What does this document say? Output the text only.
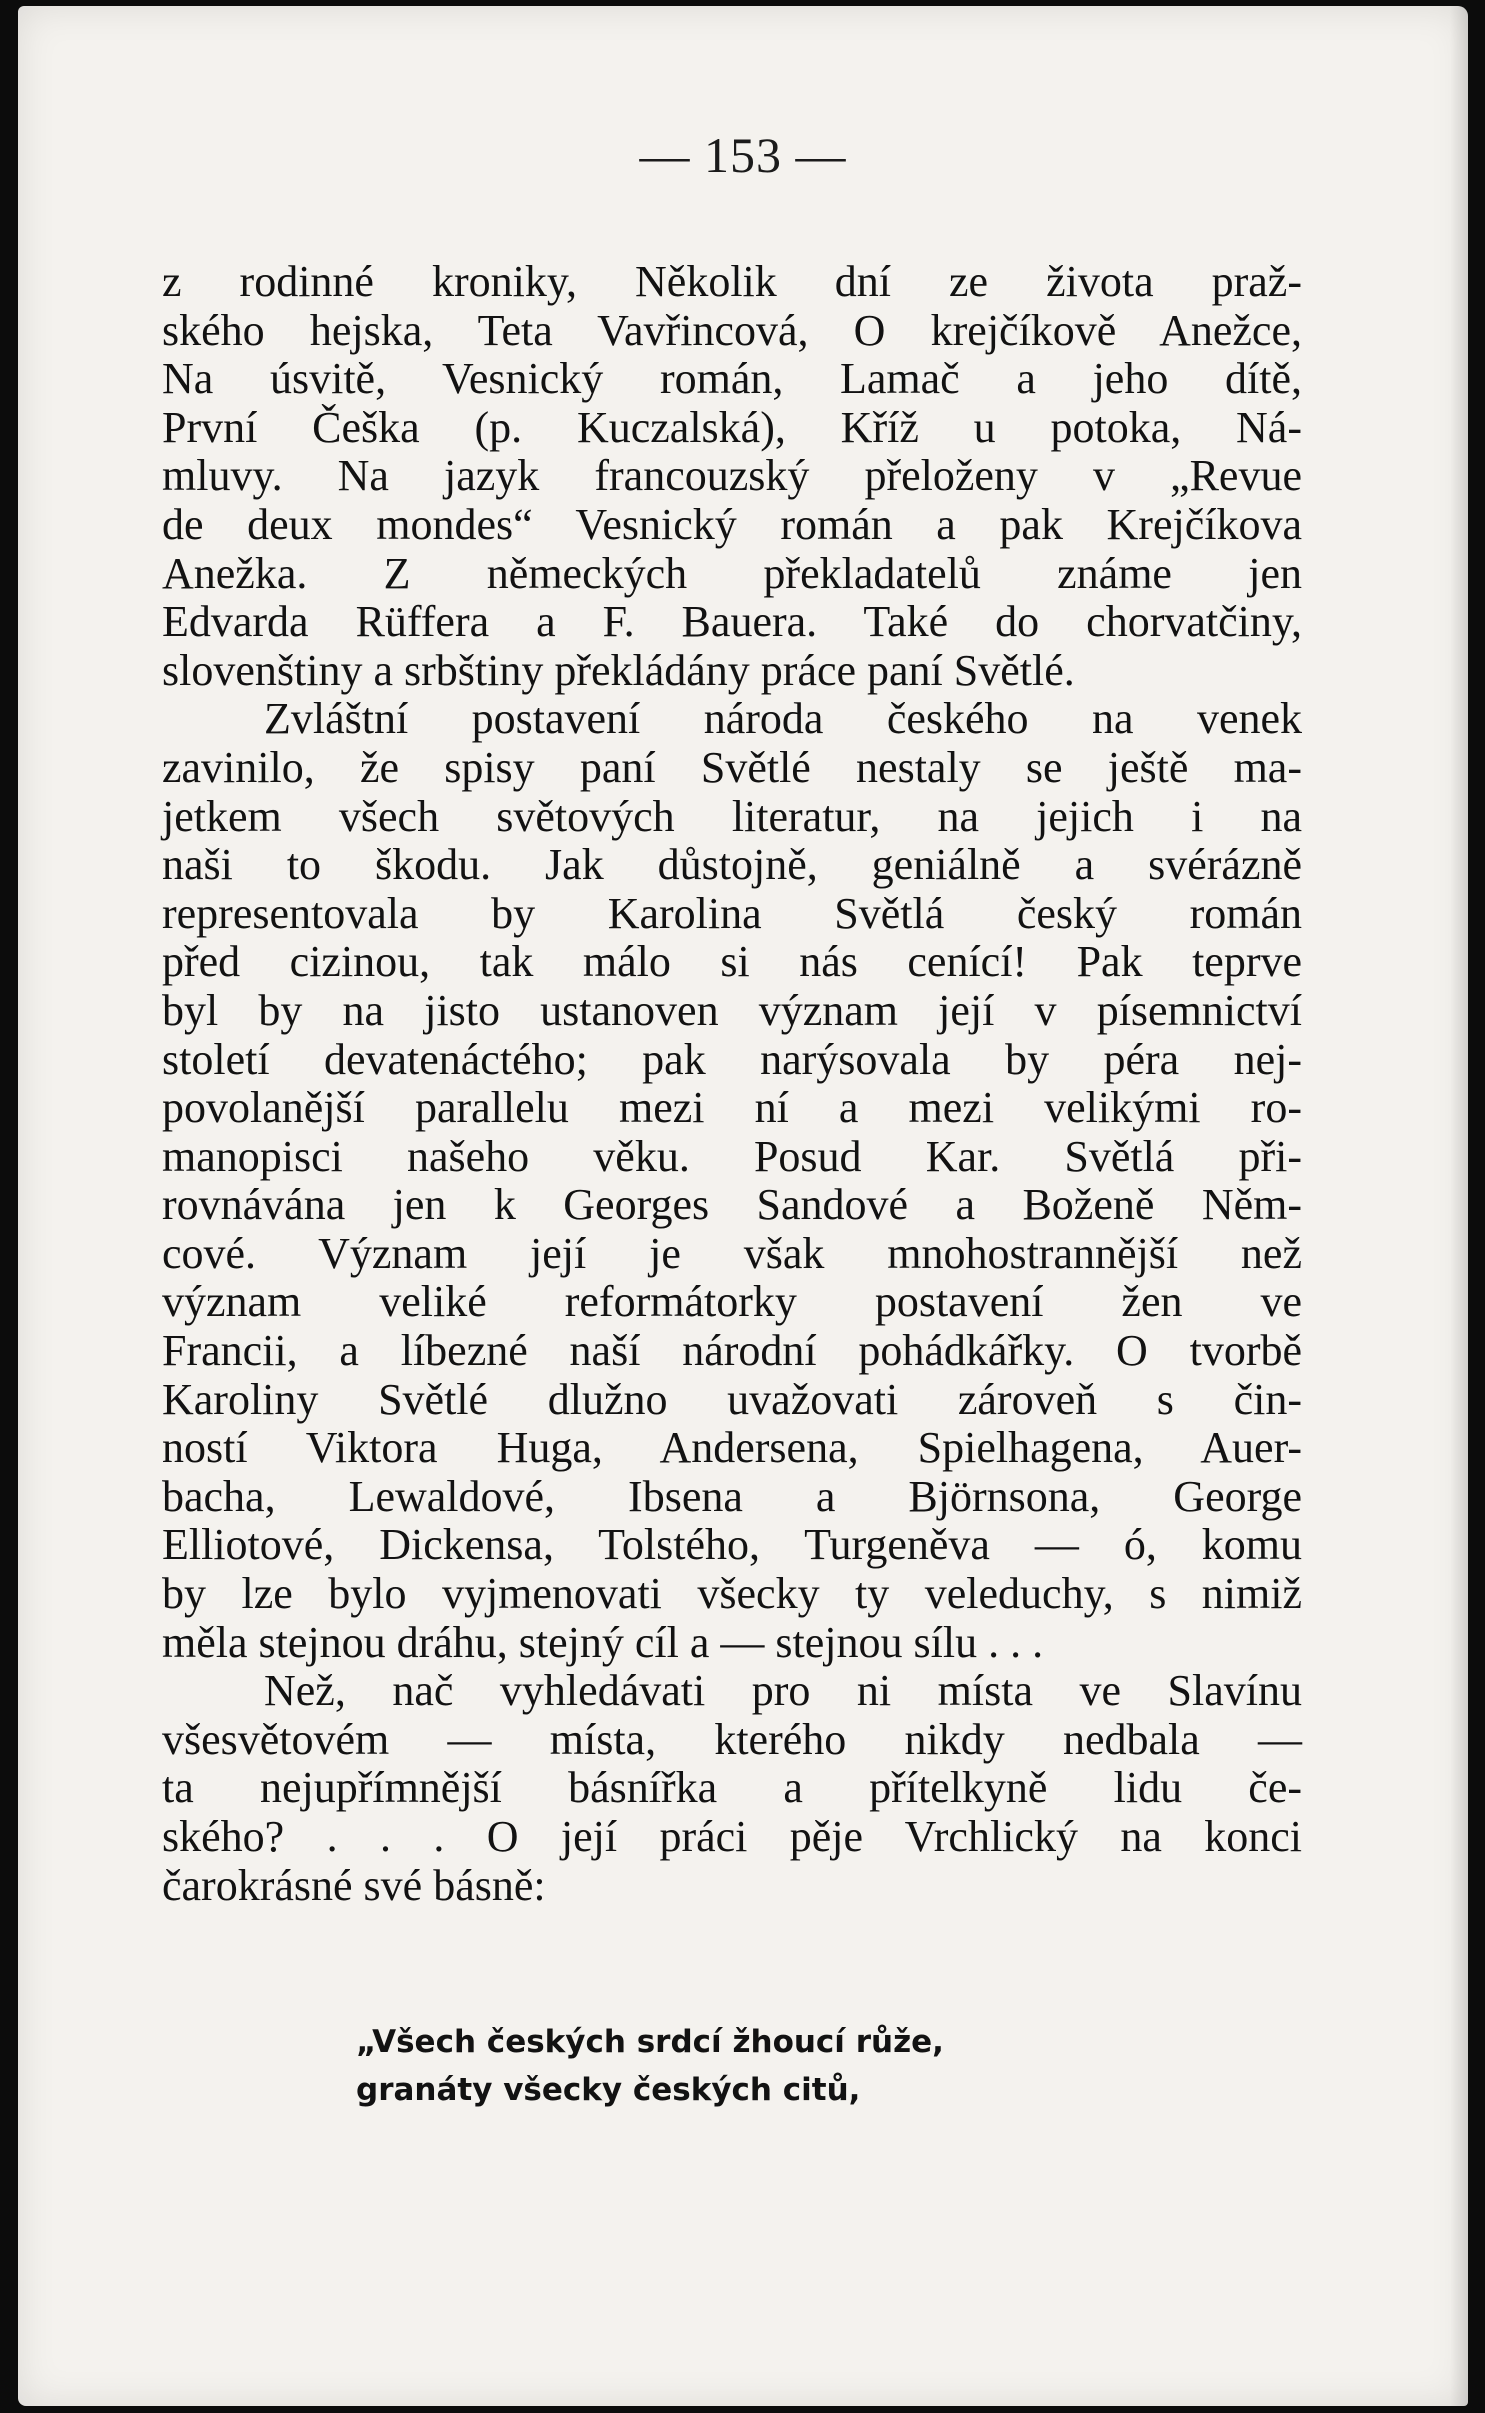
— 153 —
z rodinné kroniky, Několik dní ze života praž-
ského hejska, Teta Vavřincová, O krejčíkově Anežce,
Na úsvitě, Vesnický román, Lamač a jeho dítě,
První Češka (p. Kuczalská), Kříž u potoka, Ná-
mluvy. Na jazyk francouzský přeloženy v „Revue
de deux mondes“ Vesnický román a pak Krejčíkova
Anežka. Z německých překladatelů známe jen
Edvarda Rüffera a F. Bauera. Také do chorvatčiny,
slovenštiny a srbštiny překládány práce paní Světlé.
Zvláštní postavení národa českého na venek
zavinilo, že spisy paní Světlé nestaly se ještě ma-
jetkem všech světových literatur, na jejich i na
naši to škodu. Jak důstojně, geniálně a svérázně
representovala by Karolina Světlá český román
před cizinou, tak málo si nás cenící! Pak teprve
byl by na jisto ustanoven význam její v písemnictví
století devatenáctého; pak narýsovala by péra nej-
povolanější parallelu mezi ní a mezi velikými ro-
manopisci našeho věku. Posud Kar. Světlá při-
rovnávána jen k Georges Sandové a Boženě Něm-
cové. Význam její je však mnohostrannější než
význam veliké reformátorky postavení žen ve
Francii, a líbezné naší národní pohádkářky. O tvorbě
Karoliny Světlé dlužno uvažovati zároveň s čin-
ností Viktora Huga, Andersena, Spielhagena, Auer-
bacha, Lewaldové, Ibsena a Björnsona, George
Elliotové, Dickensa, Tolstého, Turgeněva — ó, komu
by lze bylo vyjmenovati všecky ty veleduchy, s nimiž
měla stejnou dráhu, stejný cíl a — stejnou sílu . . .
Než, nač vyhledávati pro ni místa ve Slavínu
všesvětovém — místa, kterého nikdy nedbala —
ta nejupřímnější básnířka a přítelkyně lidu če-
ského? . . . O její práci pěje Vrchlický na konci
čarokrásné své básně:
„Všech českých srdcí žhoucí růže,
granáty všecky českých citů,
